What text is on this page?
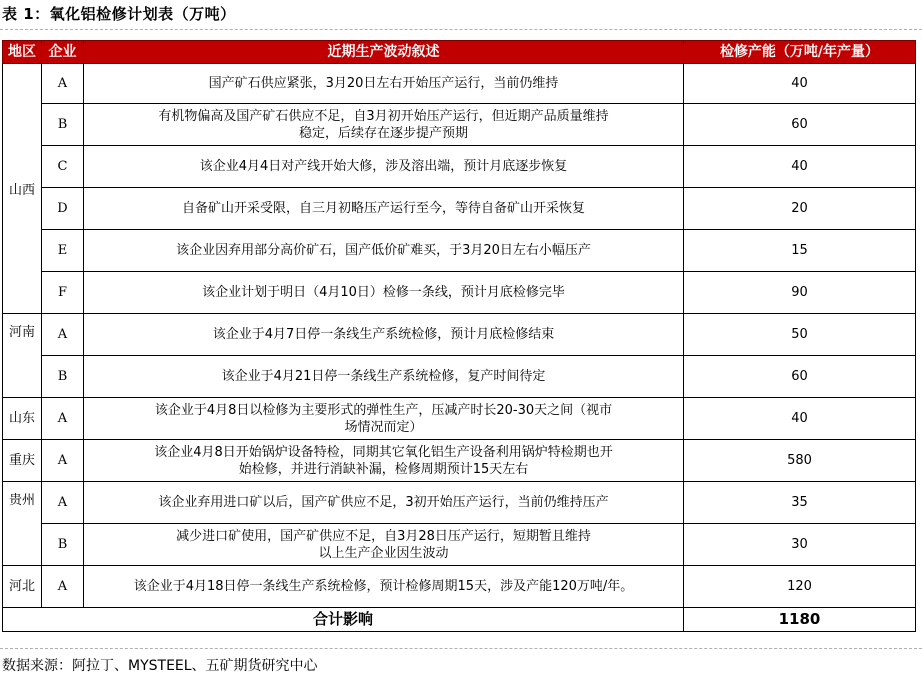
表 1：氧化铝检修计划表（万吨）
地区	企业	近期生产波动叙述	检修产能（万吨/年产量）
山西	A	国产矿石供应紧张，3月20日左右开始压产运行，当前仍维持	40
	B	有机物偏高及国产矿石供应不足，自3月初开始压产运行，但近期产品质量维持
稳定，后续存在逐步提产预期	60
	C	该企业4月4日对产线开始大修，涉及溶出端，预计月底逐步恢复	40
	D	自备矿山开采受限，自三月初略压产运行至今，等待自备矿山开采恢复	20
	E	该企业因弃用部分高价矿石，国产低价矿难买，于3月20日左右小幅压产	15
	F	该企业计划于明日（4月10日）检修一条线，预计月底检修完毕	90
河南	A	该企业于4月7日停一条线生产系统检修，预计月底检修结束	50
	B	该企业于4月21日停一条线生产系统检修，复产时间待定	60
山东	A	该企业于4月8日以检修为主要形式的弹性生产，压减产时长20-30天之间（视市
场情况而定）	40
重庆	A	该企业4月8日开始锅炉设备特检，同期其它氧化铝生产设备利用锅炉特检期也开
始检修，并进行消缺补漏，检修周期预计15天左右	580
贵州	A	该企业弃用进口矿以后，国产矿供应不足，3初开始压产运行，当前仍维持压产	35
	B	减少进口矿使用，国产矿供应不足，自3月28日压产运行，短期暂且维持
以上生产企业因生波动	30
河北	A	该企业于4月18日停一条线生产系统检修，预计检修周期15天，涉及产能120万吨/年。	120
合计影响			1180
数据来源：阿拉丁、MYSTEEL、五矿期货研究中心
